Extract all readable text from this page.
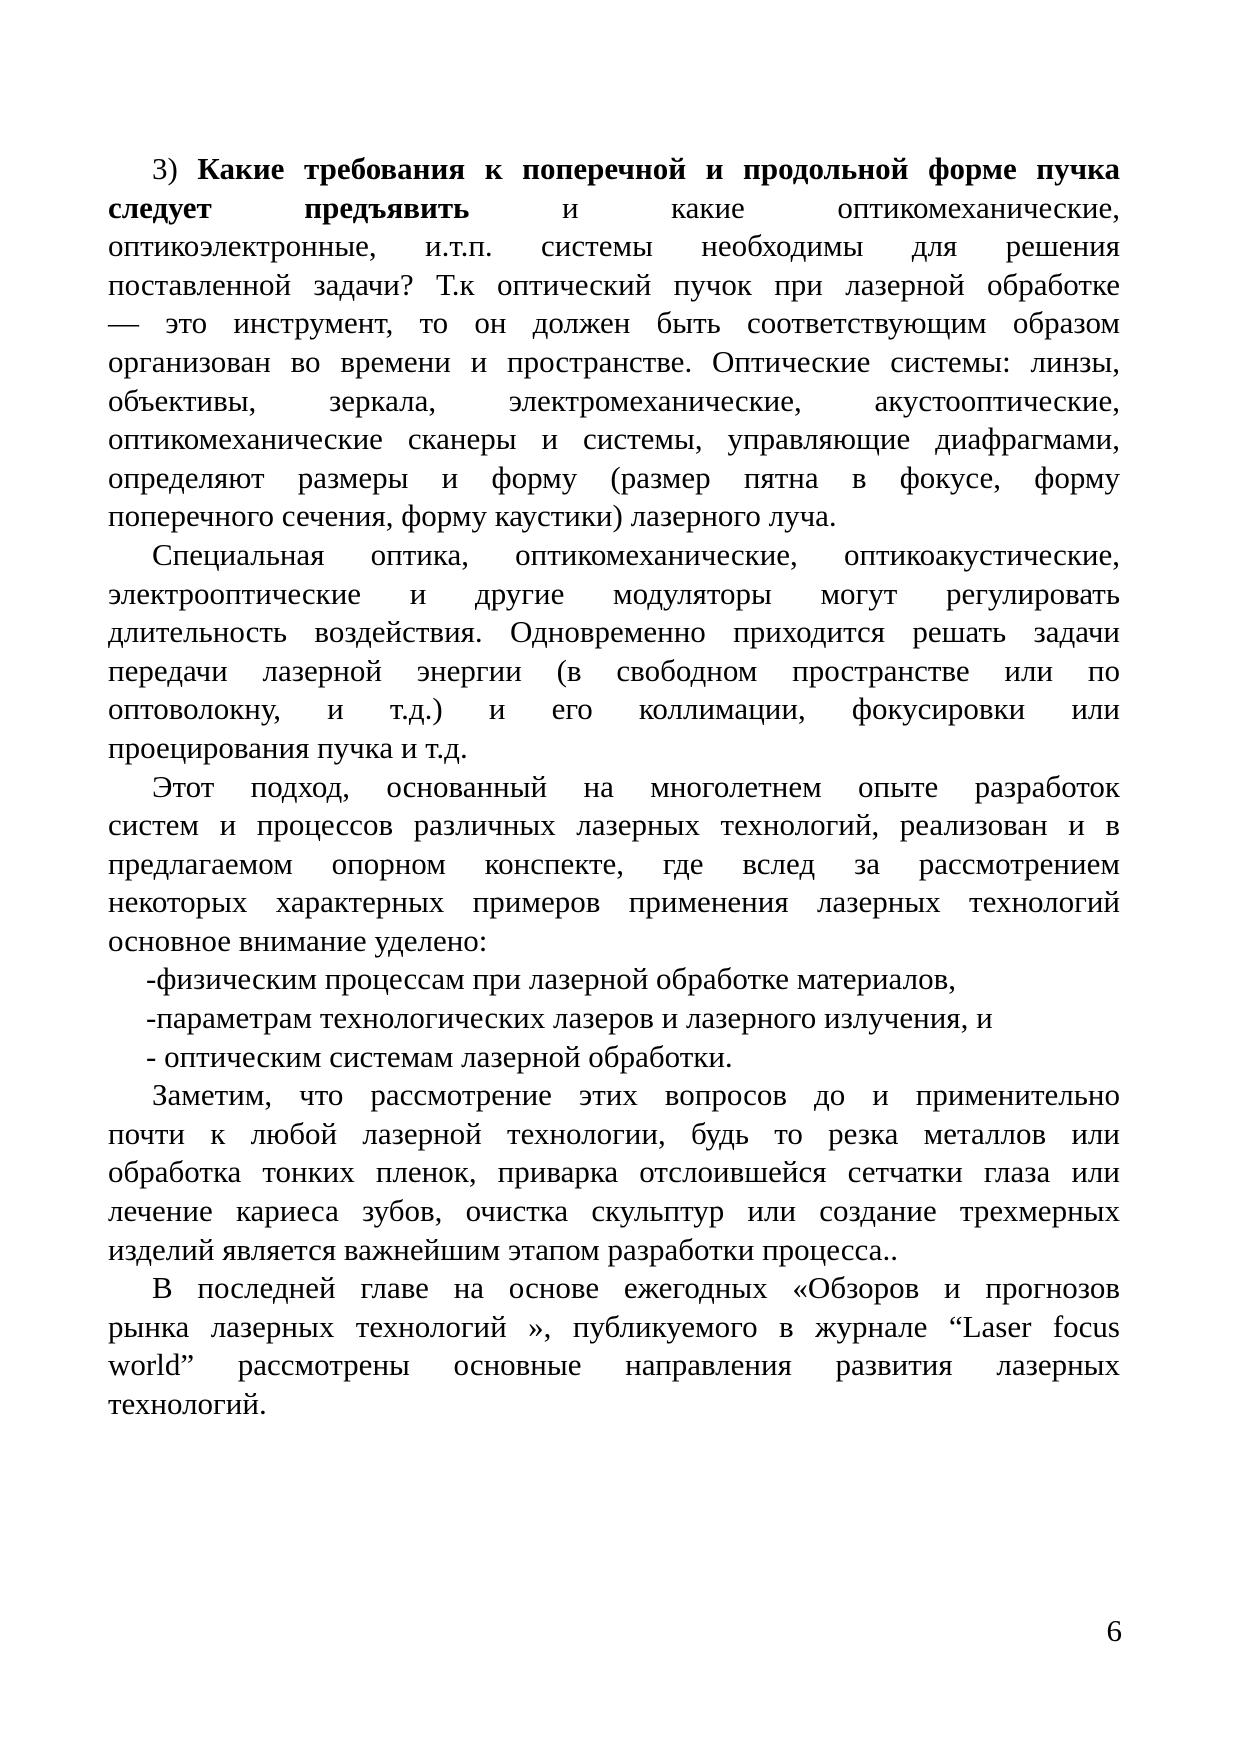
3) Какие требования к поперечной и продольной форме пучка
следует предъявить и какие оптикомеханические,
оптикоэлектронные, и.т.п. системы необходимы для решения
поставленной задачи? Т.к оптический пучок при лазерной обработке
— это инструмент, то он должен быть соответствующим образом
организован во времени и пространстве. Оптические системы: линзы,
объективы, зеркала, электромеханические, акустооптические,
оптикомеханические сканеры и системы, управляющие диафрагмами,
определяют размеры и форму (размер пятна в фокусе, форму
поперечного сечения, форму каустики) лазерного луча.
Специальная оптика, оптикомеханические, оптикоакустические,
электрооптические и другие модуляторы могут регулировать
длительность воздействия. Одновременно приходится решать задачи
передачи лазерной энергии (в свободном пространстве или по
оптоволокну, и т.д.) и его коллимации, фокусировки или
проецирования пучка и т.д.
Этот подход, основанный на многолетнем опыте разработок
систем и процессов различных лазерных технологий, реализован и в
предлагаемом опорном конспекте, где вслед за рассмотрением
некоторых характерных примеров применения лазерных технологий
основное внимание уделено:
-физическим процессам при лазерной обработке материалов,
-параметрам технологических лазеров и лазерного излучения, и
- оптическим системам лазерной обработки.
Заметим, что рассмотрение этих вопросов до и применительно
почти к любой лазерной технологии, будь то резка металлов или
обработка тонких пленок, приварка отслоившейся сетчатки глаза или
лечение кариеса зубов, очистка скульптур или создание трехмерных
изделий является важнейшим этапом разработки процесса..
В последней главе на основе ежегодных «Обзоров и прогнозов
рынка лазерных технологий », публикуемого в журнале “Laser focus
world” рассмотрены основные направления развития лазерных
технологий.
6
